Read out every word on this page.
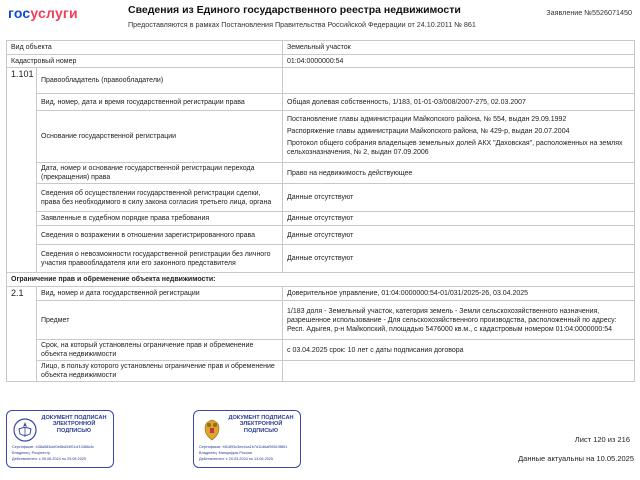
госуслуги	Сведения из Единого государственного реестра недвижимости
Предоставляются в рамках Постановления Правительства Российской Федерации от 24.10.2011 № 861
Заявление №5526071450
Вид объекта		Земельный участок
Кадастровый номер		01:04:0000000:54
1.101	Правообладатель (правообладатели)	
	Вид, номер, дата и время государственной регистрации права	Общая долевая собственность, 1/183, 01-01-03/008/2007-275, 02.03.2007
	Основание государственной регистрации	Постановление главы администрации Майкопского района, № 554, выдан 29.09.1992
Распоряжение главы администрации Майкопского района, № 429-р, выдан 20.07.2004
Протокол общего собрания владельцев земельных долей АКХ "Даховская", расположенных на землях сельхозназначения, № 2, выдан 07.09.2006

	Дата, номер и основание государственной регистрации перехода (прекращения) права	Право на недвижимость действующее
	Сведения об осуществлении государственной регистрации сделки, права без необходимого в силу закона согласия третьего лица, органа	Данные отсутствуют
	Заявленные в судебном порядке права требования	Данные отсутствуют
	Сведения о возражении в отношении зарегистрированного права	Данные отсутствуют
	Сведения о невозможности государственной регистрации без личного участия правообладателя или его законного представителя	Данные отсутствуют
Ограничение прав и обременение объекта недвижимости:		
2.1	Вид, номер и дата государственной регистрации	Доверительное управление, 01:04:0000000:54-01/031/2025-26, 03.04.2025
	Предмет	1/183 доля - Земельный участок, категория земель - Земли сельскохозяйственного назначения, разрешенное использование - Для сельскохозяйственного производства, расположенный по адресу: Респ. Адыгея, р-н Майкопский, площадью 5476000 кв.м., с кадастровым номером 01:04:0000000:54
	Срок, на который установлены ограничение прав и обременение объекта недвижимости	с 03.04.2025 срок: 10 лет с даты подписания договора
	Лицо, в пользу которого установлены ограничение прав и обременение объекта недвижимости	
ДОКУМЕНТ ПОДПИСАН ЭЛЕКТРОННОЙ ПОДПИСЬЮ
Сертификат: b38a583dcf0e8bd34f01cf13466cfc
Владелец: Росреестр
Действителен: с 05.06.2024 по 29.08.2025
ДОКУМЕНТ ПОДПИСАН ЭЛЕКТРОННОЙ ПОДПИСЬЮ
Сертификат: b51893c3ee4ca1b7d11d6af95519f851
Владелец: Минцифры России
Действителен: с 20.03.2024 по 13.06.2025
Лист 120 из 216
Данные актуальны на 10.05.2025
